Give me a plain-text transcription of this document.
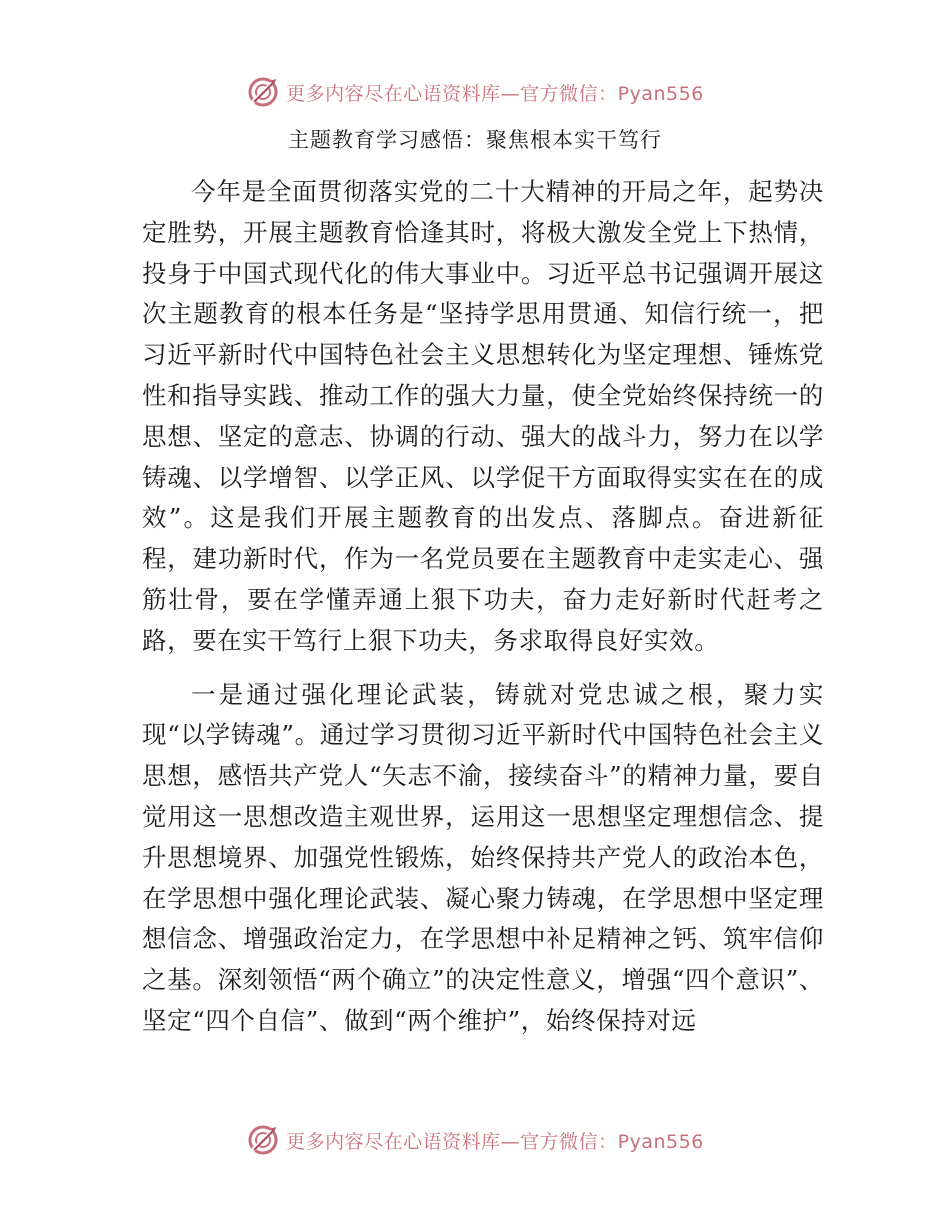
更多内容尽在心语资料库—官方微信：Pyan556
主题教育学习感悟：聚焦根本实干笃行

今年是全面贯彻落实党的二十大精神的开局之年，起势决定胜势，开展主题教育恰逢其时，将极大激发全党上下热情，投身于中国式现代化的伟大事业中。习近平总书记强调开展这次主题教育的根本任务是“坚持学思用贯通、知信行统一，把习近平新时代中国特色社会主义思想转化为坚定理想、锤炼党性和指导实践、推动工作的强大力量，使全党始终保持统一的思想、坚定的意志、协调的行动、强大的战斗力，努力在以学铸魂、以学增智、以学正风、以学促干方面取得实实在在的成效”。这是我们开展主题教育的出发点、落脚点。奋进新征程，建功新时代，作为一名党员要在主题教育中走实走心、强筋壮骨，要在学懂弄通上狠下功夫，奋力走好新时代赶考之路，要在实干笃行上狠下功夫，务求取得良好实效。

一是通过强化理论武装，铸就对党忠诚之根，聚力实现“以学铸魂”。通过学习贯彻习近平新时代中国特色社会主义思想，感悟共产党人“矢志不渝，接续奋斗”的精神力量，要自觉用这一思想改造主观世界，运用这一思想坚定理想信念、提升思想境界、加强党性锻炼，始终保持共产党人的政治本色，在学思想中强化理论武装、凝心聚力铸魂，在学思想中坚定理想信念、增强政治定力，在学思想中补足精神之钙、筑牢信仰之基。深刻领悟“两个确立”的决定性意义，增强“四个意识”、坚定“四个自信”、做到“两个维护”，始终保持对远

更多内容尽在心语资料库—官方微信：Pyan556
